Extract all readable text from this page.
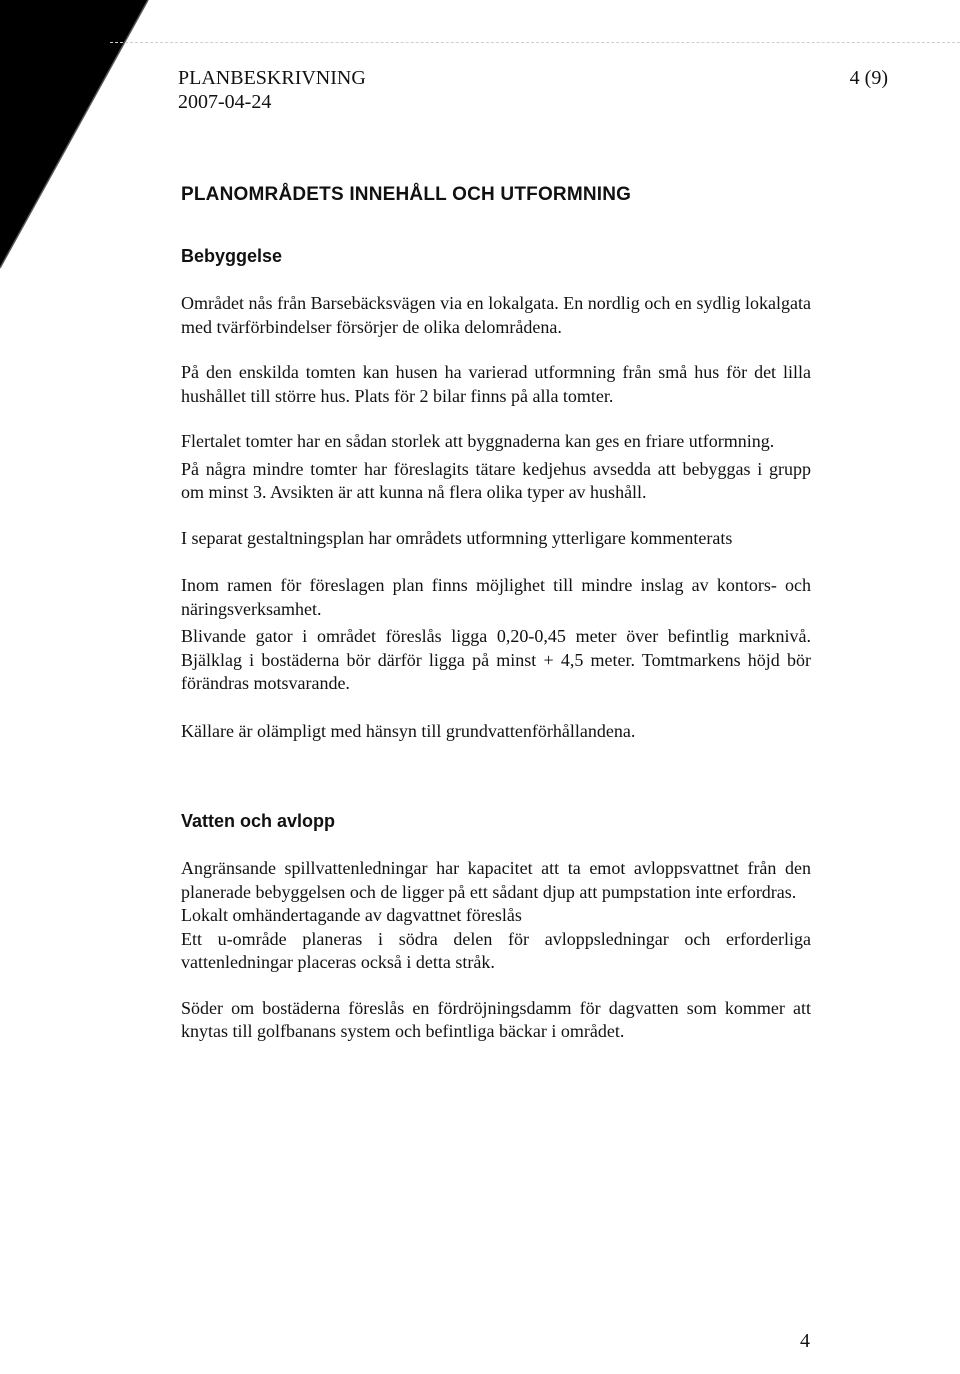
PLANBESKRIVNING	4 (9)
2007-04-24
PLANOMRÅDETS INNEHÅLL OCH UTFORMNING
Bebyggelse

Området nås från Barsebäcksvägen via en lokalgata. En nordlig och en sydlig lokalgata med tvärförbindelser försörjer de olika delområdena.

På den enskilda tomten kan husen ha varierad utformning från små hus för det lilla hushållet till större hus. Plats för 2 bilar finns på alla tomter.

Flertalet tomter har en sådan storlek att byggnaderna kan ges en friare utformning.

På några mindre tomter har föreslagits tätare kedjehus avsedda att bebyggas i grupp om minst 3. Avsikten är att kunna nå flera olika typer av hushåll.

I separat gestaltningsplan har områdets utformning ytterligare kommenterats

Inom ramen för föreslagen plan finns möjlighet till mindre inslag av kontors- och näringsverksamhet.

Blivande gator i området föreslås ligga 0,20-0,45 meter över befintlig marknivå. Bjälklag i bostäderna bör därför ligga på minst + 4,5 meter. Tomtmarkens höjd bör förändras motsvarande.

Källare är olämpligt med hänsyn till grundvattenförhållandena.

Vatten och avlopp

Angränsande spillvattenledningar har kapacitet att ta emot avloppsvattnet från den planerade bebyggelsen och de ligger på ett sådant djup att pumpstation inte erfordras.

Lokalt omhändertagande av dagvattnet föreslås

Ett u-område planeras i södra delen för avloppsledningar och erforderliga vattenledningar placeras också i detta stråk.

Söder om bostäderna föreslås en fördröjningsdamm för dagvatten som kommer att knytas till golfbanans system och befintliga bäckar i området.

4
